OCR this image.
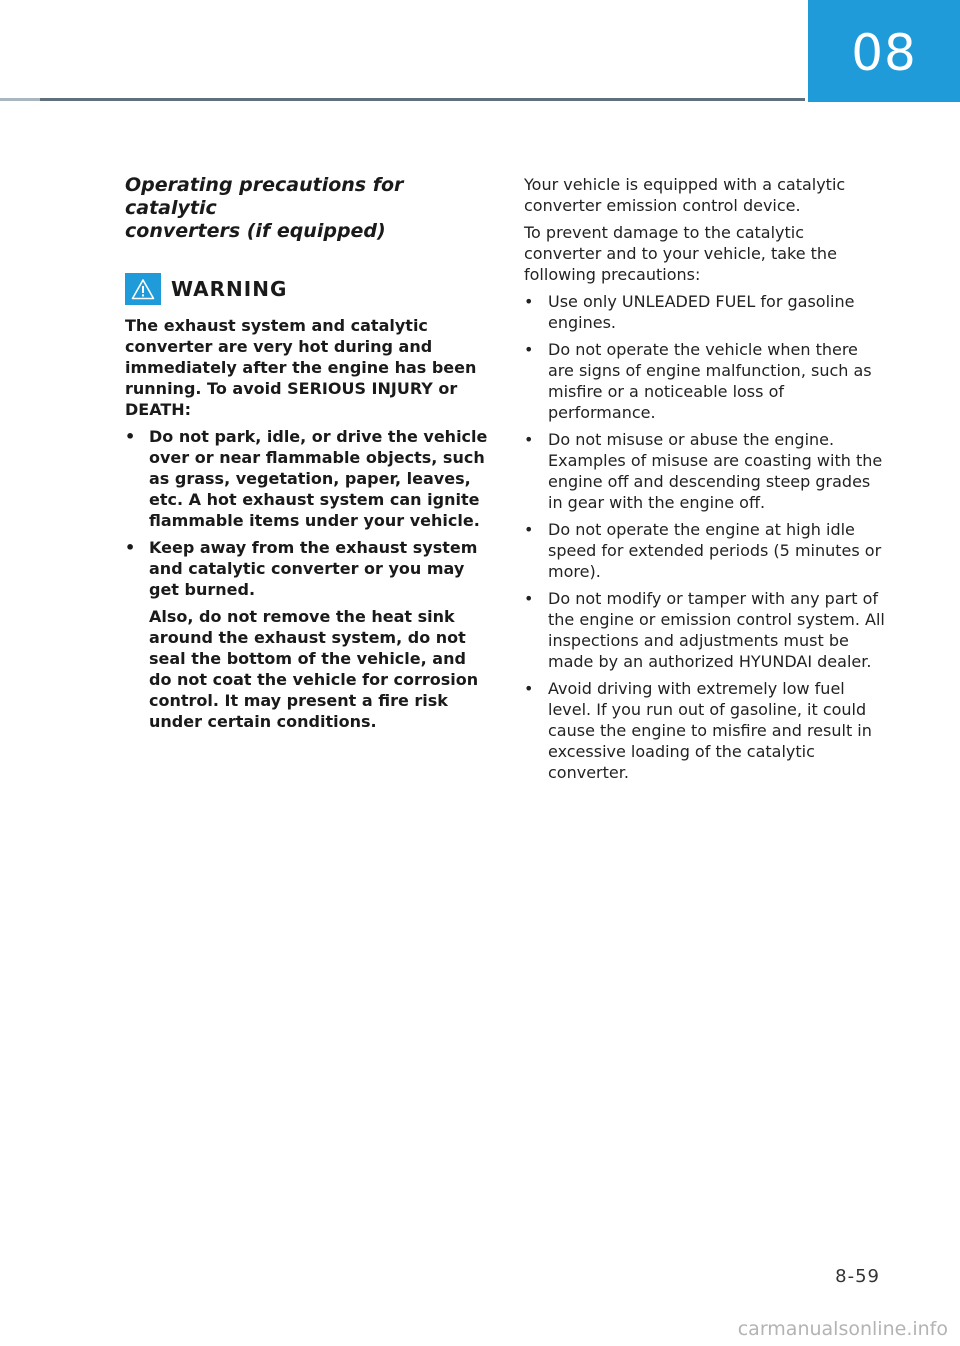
08
Operating precautions for catalytic
converters (if equipped)
WARNING

The exhaust system and catalytic converter are very hot during and immediately after the engine has been running. To avoid SERIOUS INJURY or DEATH:

• Do not park, idle, or drive the vehicle over or near flammable objects, such as grass, vegetation, paper, leaves, etc. A hot exhaust system can ignite flammable items under your vehicle.

• Keep away from the exhaust system and catalytic converter or you may get burned.

Also, do not remove the heat sink around the exhaust system, do not seal the bottom of the vehicle, and do not coat the vehicle for corrosion control. It may present a fire risk under certain conditions.

Your vehicle is equipped with a catalytic converter emission control device.

To prevent damage to the catalytic converter and to your vehicle, take the following precautions:

• Use only UNLEADED FUEL for gasoline engines.
• Do not operate the vehicle when there are signs of engine malfunction, such as misfire or a noticeable loss of performance.
• Do not misuse or abuse the engine. Examples of misuse are coasting with the engine off and descending steep grades in gear with the engine off.
• Do not operate the engine at high idle speed for extended periods (5 minutes or more).
• Do not modify or tamper with any part of the engine or emission control system. All inspections and adjustments must be made by an authorized HYUNDAI dealer.
• Avoid driving with extremely low fuel level. If you run out of gasoline, it could cause the engine to misfire and result in excessive loading of the catalytic converter.
8-59
carmanualsonline.info
